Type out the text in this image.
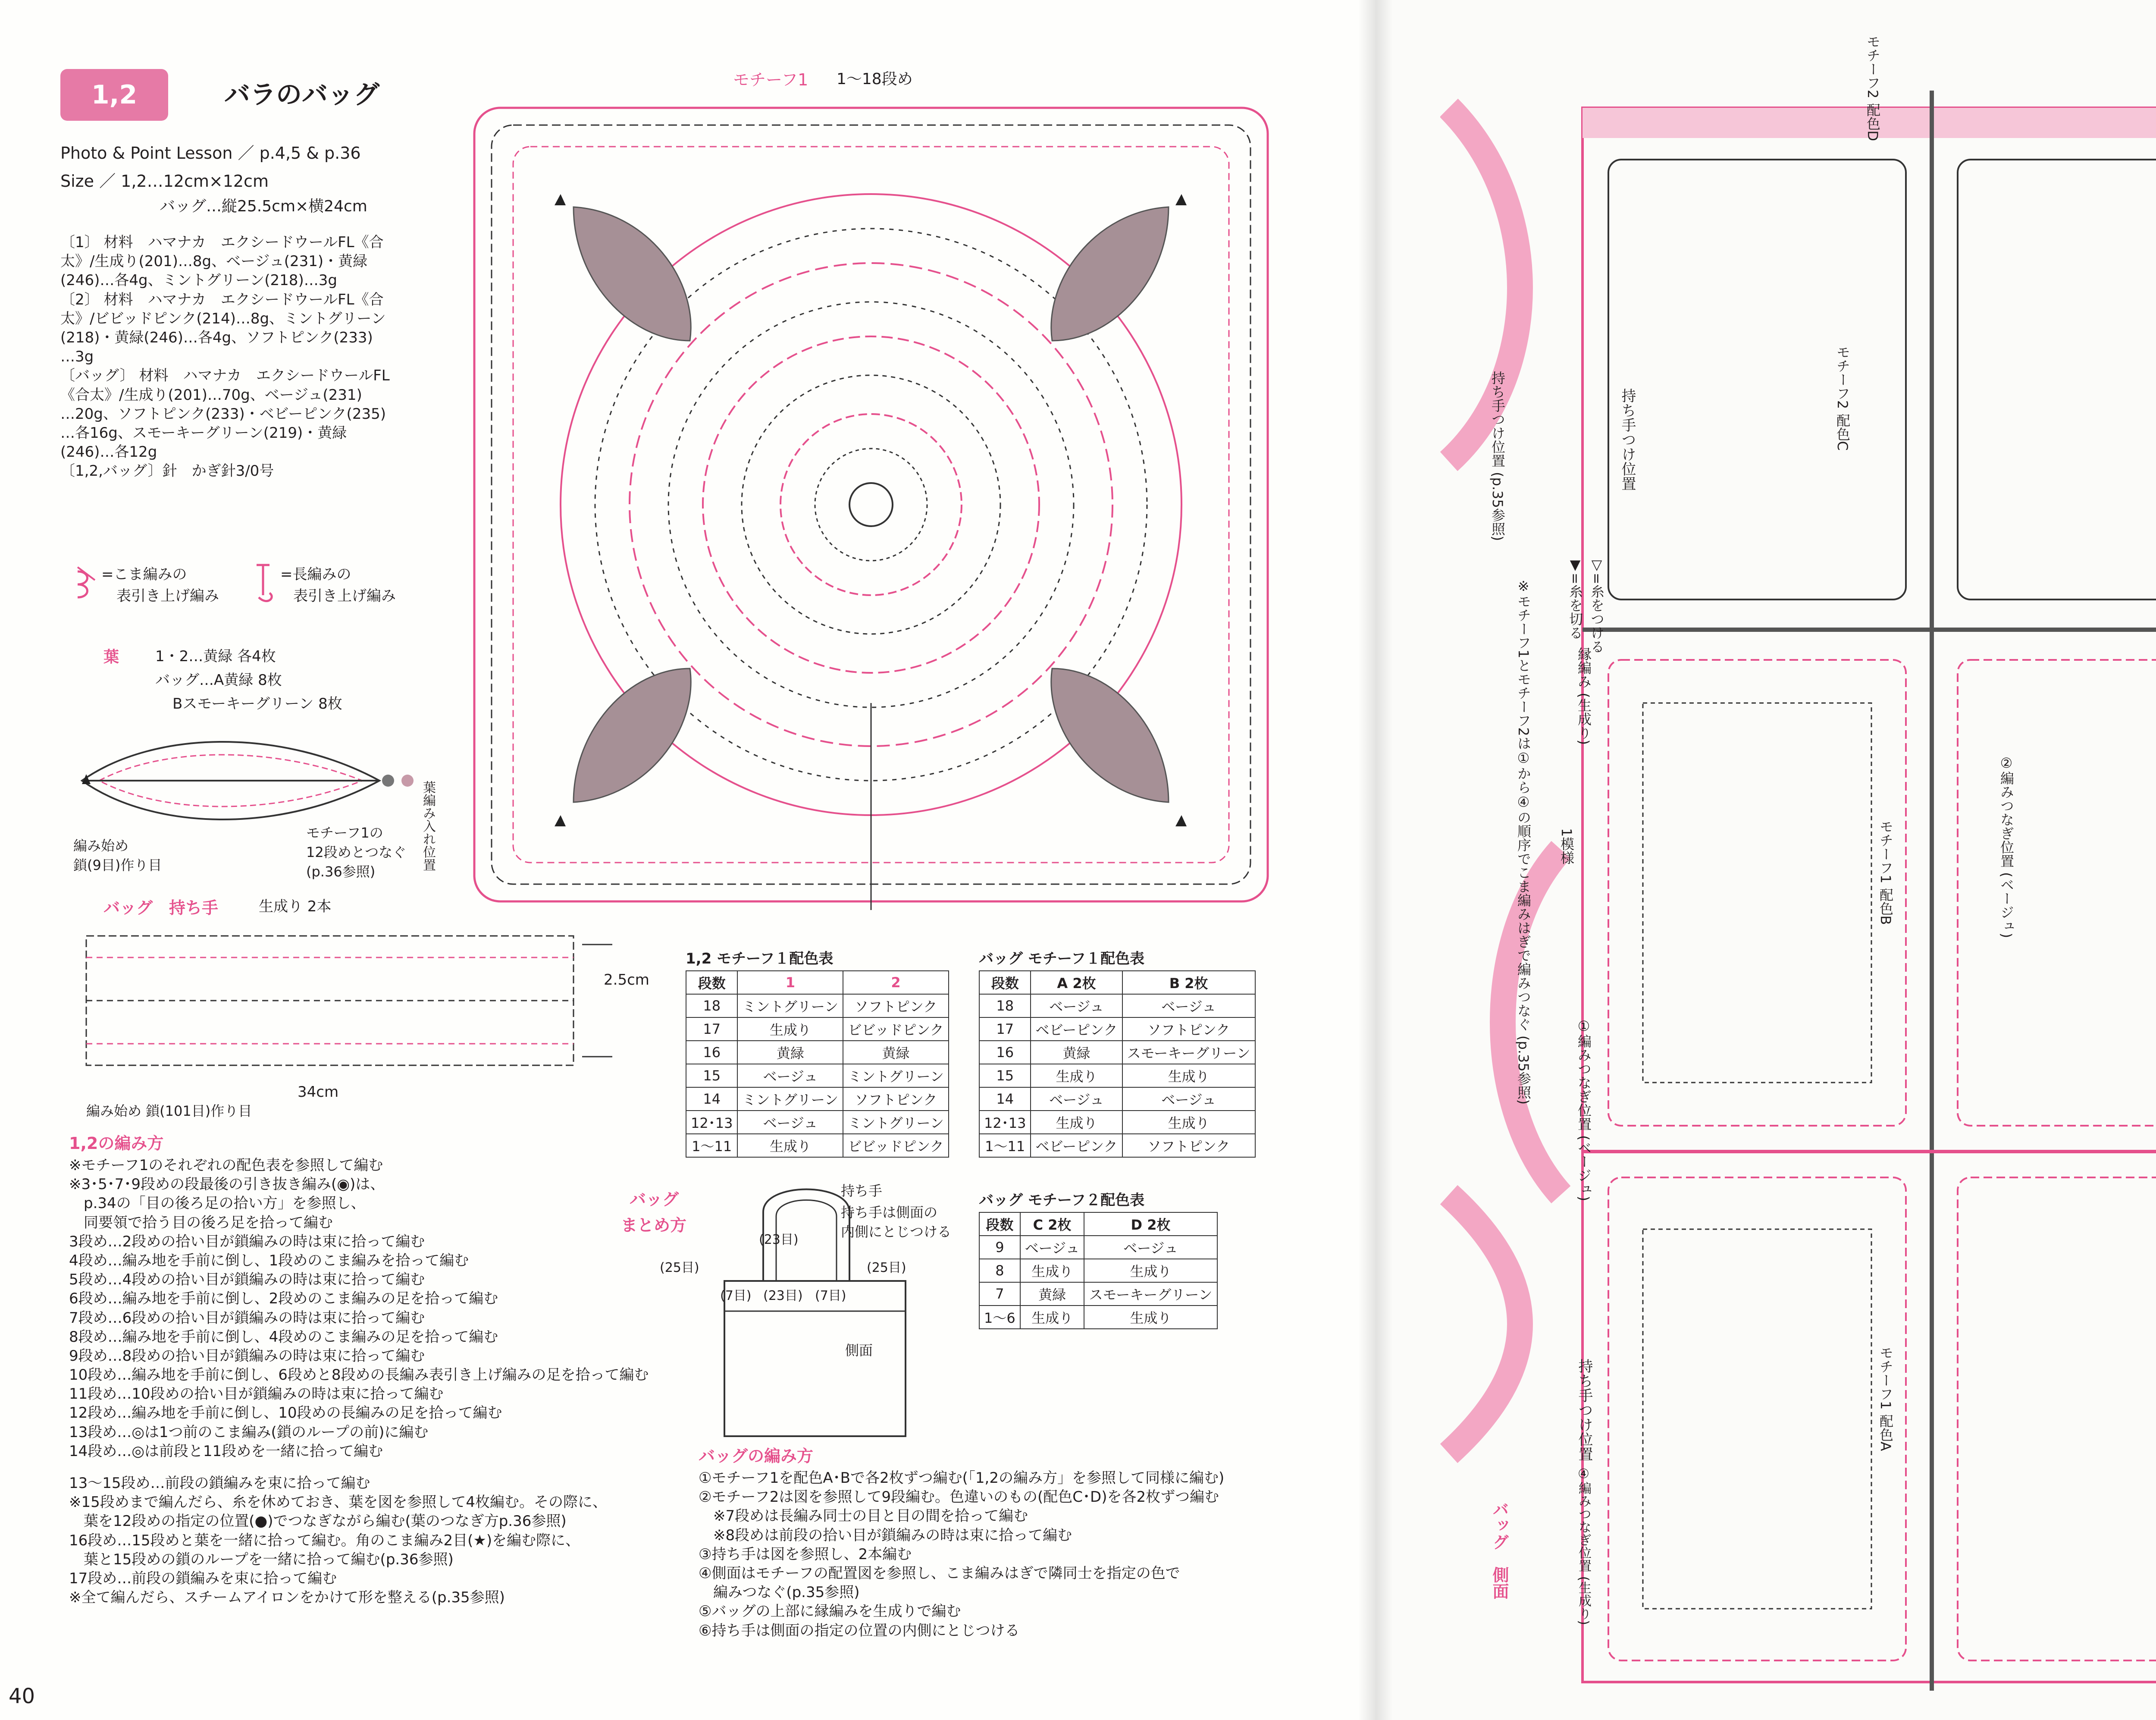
1,2	バラのバッグ
Photo & Point Lesson ／ p.4,5 & p.36
Size ／ 1,2…12cm×12cm
バッグ…縦25.5cm×横24cm
〔1〕 材料　ハマナカ　エクシードウールFL《合
太》/生成り(201)…8g、ベージュ(231)・黄緑
(246)…各4g、ミントグリーン(218)…3g
〔2〕 材料　ハマナカ　エクシードウールFL《合
太》/ビビッドピンク(214)…8g、ミントグリーン
(218)・黄緑(246)…各4g、ソフトピンク(233)
…3g
〔バッグ〕 材料　ハマナカ　エクシードウールFL
《合太》/生成り(201)…70g、ベージュ(231)
…20g、ソフトピンク(233)・ベビーピンク(235)
…各16g、スモーキーグリーン(219)・黄緑
(246)…各12g
〔1,2,バッグ〕針　かぎ針3/0号
=こま編みの
表引き上げ編み
=長編みの
表引き上げ編み
葉 1・2…黄緑 各4枚
バッグ…A黄緑 8枚
Bスモーキーグリーン 8枚
編み始め
鎖(9目)作り目
モチーフ1の
12段めとつなぐ
(p.36参照)
葉編み入れ位置
モチーフ1 1～18段め
バッグ　持ち手	生成り 2本
2.5cm
34cm
編み始め 鎖(101目)作り目
1,2の編み方
※モチーフ1のそれぞれの配色表を参照して編む
※3･5･7･9段めの段最後の引き抜き編み(◉)は、
　p.34の「目の後ろ足の拾い方」を参照し、
　同要領で拾う目の後ろ足を拾って編む
3段め…2段めの拾い目が鎖編みの時は束に拾って編む
4段め…編み地を手前に倒し、1段めのこま編みを拾って編む
5段め…4段めの拾い目が鎖編みの時は束に拾って編む
6段め…編み地を手前に倒し、2段めのこま編みの足を拾って編む
7段め…6段めの拾い目が鎖編みの時は束に拾って編む
8段め…編み地を手前に倒し、4段めのこま編みの足を拾って編む
9段め…8段めの拾い目が鎖編みの時は束に拾って編む
10段め…編み地を手前に倒し、6段めと8段めの長編み表引き上げ編みの足を拾って編む
11段め…10段めの拾い目が鎖編みの時は束に拾って編む
12段め…編み地を手前に倒し、10段めの長編みの足を拾って編む
13段め…◎は1つ前のこま編み(鎖のループの前)に編む
14段め…◎は前段と11段めを一緒に拾って編む
13～15段め…前段の鎖編みを束に拾って編む
※15段めまで編んだら、糸を休めておき、葉を図を参照して4枚編む。その際に、
　葉を12段めの指定の位置(●)でつなぎながら編む(葉のつなぎ方p.36参照)
16段め…15段めと葉を一緒に拾って編む。角のこま編み2目(★)を編む際に、
　葉と15段めの鎖のループを一緒に拾って編む(p.36参照)
17段め…前段の鎖編みを束に拾って編む
※全て編んだら、スチームアイロンをかけて形を整える(p.35参照)
1,2 モチーフ１配色表
段数	1	2
18	ミントグリーン	ソフトピンク
17	生成り	ビビッドピンク
16	黄緑	黄緑
15	ベージュ	ミントグリーン
14	ミントグリーン	ソフトピンク
12･13	ベージュ	ミントグリーン
1～11	生成り	ビビッドピンク
バッグ モチーフ１配色表
段数	A 2枚	B 2枚
18	ベージュ	ベージュ
17	ベビーピンク	ソフトピンク
16	黄緑	スモーキーグリーン
15	生成り	生成り
14	ベージュ	ベージュ
12･13	生成り	生成り
1～11	ベビーピンク	ソフトピンク
バッグ モチーフ２配色表
段数	C 2枚	D 2枚
9	ベージュ	ベージュ
8	生成り	生成り
7	黄緑	スモーキーグリーン
1～6	生成り	生成り
バッグ
まとめ方
持ち手
持ち手は側面の
内側にとじつける
(23目)
(25目)	(25目)
(7目) (23目) (7目)
側面
バッグの編み方
①モチーフ1を配色A･Bで各2枚ずつ編む(「1,2の編み方」を参照して同様に編む)
②モチーフ2は図を参照して9段編む。色違いのもの(配色C･D)を各2枚ずつ編む
　※7段めは長編み同士の目と目の間を拾って編む
　※8段めは前段の拾い目が鎖編みの時は束に拾って編む
③持ち手は図を参照し、2本編む
④側面はモチーフの配置図を参照し、こま編みはぎで隣同士を指定の色で
　編みつなぐ(p.35参照)
⑤バッグの上部に縁編みを生成りで編む
⑥持ち手は側面の指定の位置の内側にとじつける
40
モチーフ2 配色D
モチーフ2 配色C
モチーフ1 配色B
モチーフ1 配色A
②編みつなぎ位置 (ベージュ)
①編みつなぎ位置 (ベージュ)
持ち手つけ位置
持ち手つけ位置
持ち手つけ位置 (p.35参照)
縁編み (生成り)
1模様
▽=糸をつける
▼=糸を切る
バッグ　側面	④編みつなぎ位置 (生成り)
※モチーフ1とモチーフ2は①から④の順序でこま編みはぎで編みつなぐ (p.35参照)
